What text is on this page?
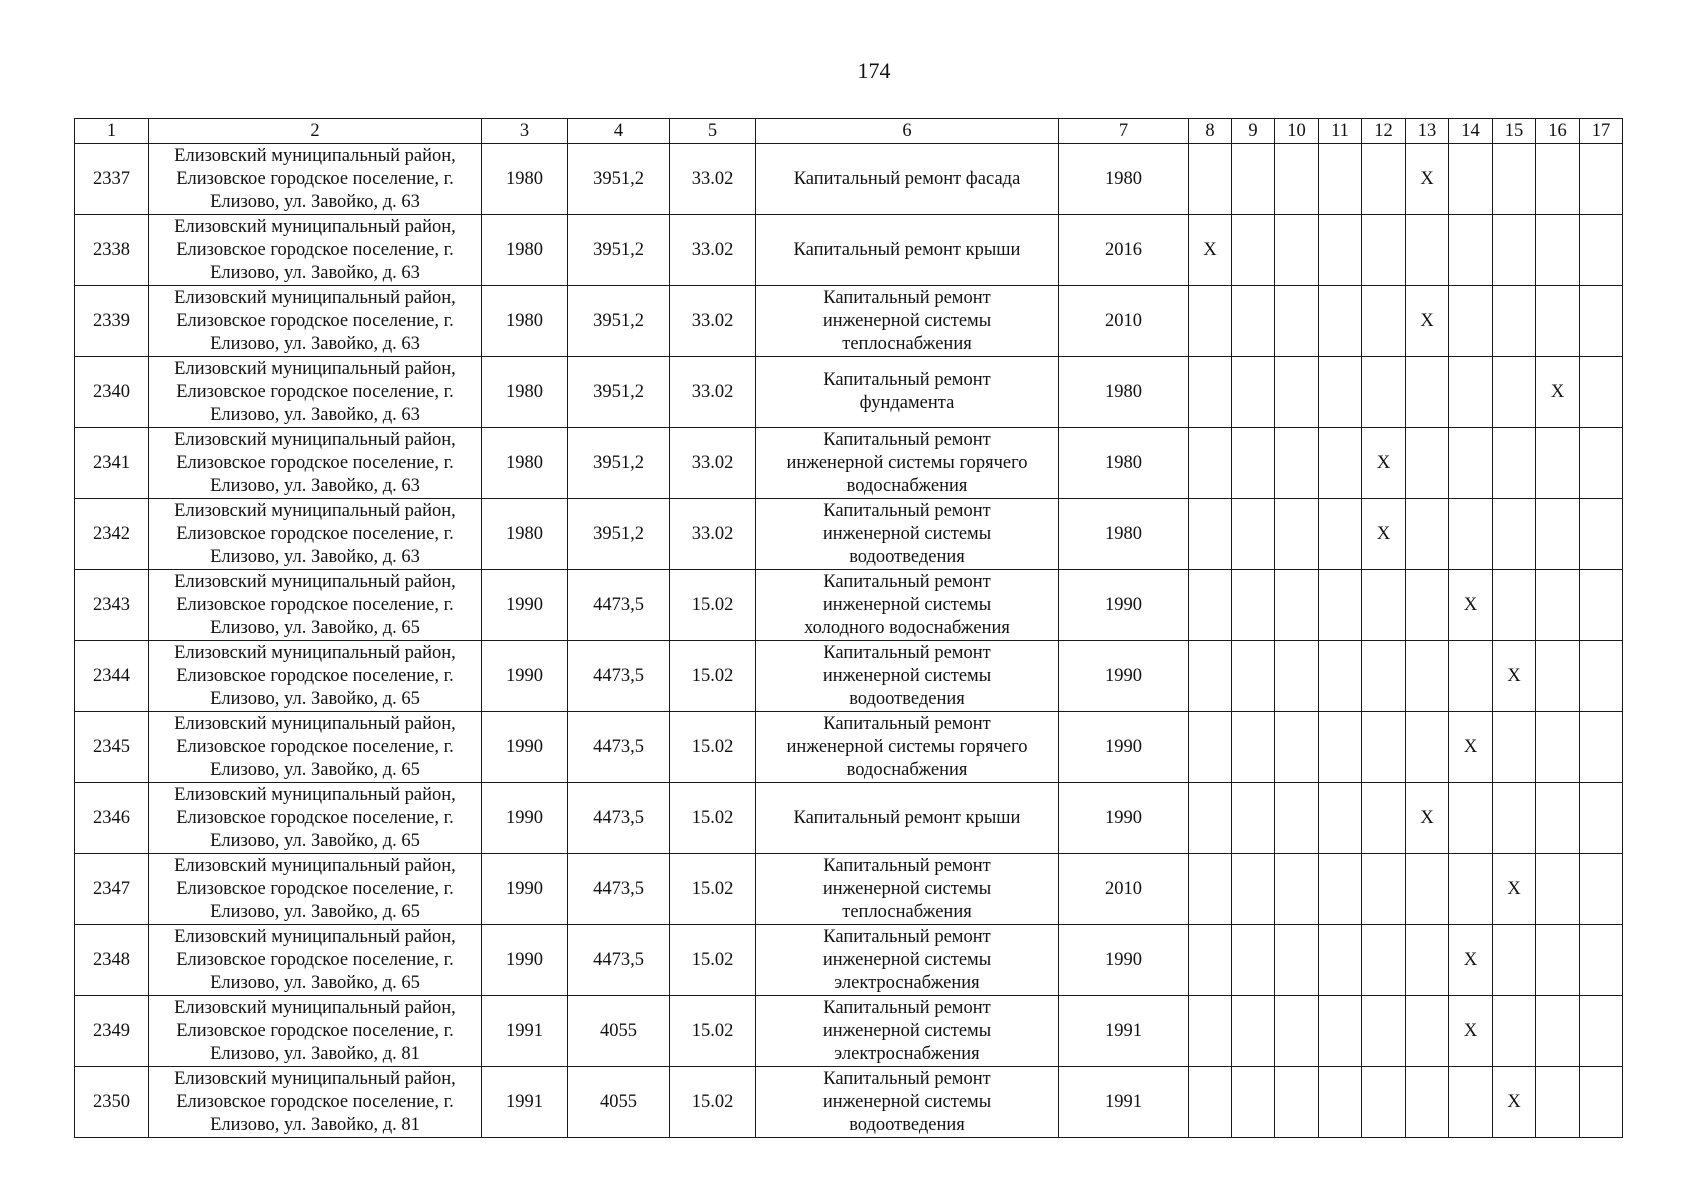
174
1	2	3	4	5	6	7	8	9	10	11	12	13	14	15	16	17
2337	Елизовский муниципальный район,
Елизовское городское поселение, г.
Елизово, ул. Завойко, д. 63	1980	3951,2	33.02	Капитальный ремонт фасада	1980						X				
2338	Елизовский муниципальный район,
Елизовское городское поселение, г.
Елизово, ул. Завойко, д. 63	1980	3951,2	33.02	Капитальный ремонт крыши	2016	X									
2339	Елизовский муниципальный район,
Елизовское городское поселение, г.
Елизово, ул. Завойко, д. 63	1980	3951,2	33.02	Капитальный ремонт
инженерной системы
теплоснабжения	2010						X				
2340	Елизовский муниципальный район,
Елизовское городское поселение, г.
Елизово, ул. Завойко, д. 63	1980	3951,2	33.02	Капитальный ремонт
фундамента	1980									X	
2341	Елизовский муниципальный район,
Елизовское городское поселение, г.
Елизово, ул. Завойко, д. 63	1980	3951,2	33.02	Капитальный ремонт
инженерной системы горячего
водоснабжения	1980					X					
2342	Елизовский муниципальный район,
Елизовское городское поселение, г.
Елизово, ул. Завойко, д. 63	1980	3951,2	33.02	Капитальный ремонт
инженерной системы
водоотведения	1980					X					
2343	Елизовский муниципальный район,
Елизовское городское поселение, г.
Елизово, ул. Завойко, д. 65	1990	4473,5	15.02	Капитальный ремонт
инженерной системы
холодного водоснабжения	1990							X			
2344	Елизовский муниципальный район,
Елизовское городское поселение, г.
Елизово, ул. Завойко, д. 65	1990	4473,5	15.02	Капитальный ремонт
инженерной системы
водоотведения	1990								X		
2345	Елизовский муниципальный район,
Елизовское городское поселение, г.
Елизово, ул. Завойко, д. 65	1990	4473,5	15.02	Капитальный ремонт
инженерной системы горячего
водоснабжения	1990							X			
2346	Елизовский муниципальный район,
Елизовское городское поселение, г.
Елизово, ул. Завойко, д. 65	1990	4473,5	15.02	Капитальный ремонт крыши	1990						X				
2347	Елизовский муниципальный район,
Елизовское городское поселение, г.
Елизово, ул. Завойко, д. 65	1990	4473,5	15.02	Капитальный ремонт
инженерной системы
теплоснабжения	2010								X		
2348	Елизовский муниципальный район,
Елизовское городское поселение, г.
Елизово, ул. Завойко, д. 65	1990	4473,5	15.02	Капитальный ремонт
инженерной системы
электроснабжения	1990							X			
2349	Елизовский муниципальный район,
Елизовское городское поселение, г.
Елизово, ул. Завойко, д. 81	1991	4055	15.02	Капитальный ремонт
инженерной системы
электроснабжения	1991							X			
2350	Елизовский муниципальный район,
Елизовское городское поселение, г.
Елизово, ул. Завойко, д. 81	1991	4055	15.02	Капитальный ремонт
инженерной системы
водоотведения	1991								X		
